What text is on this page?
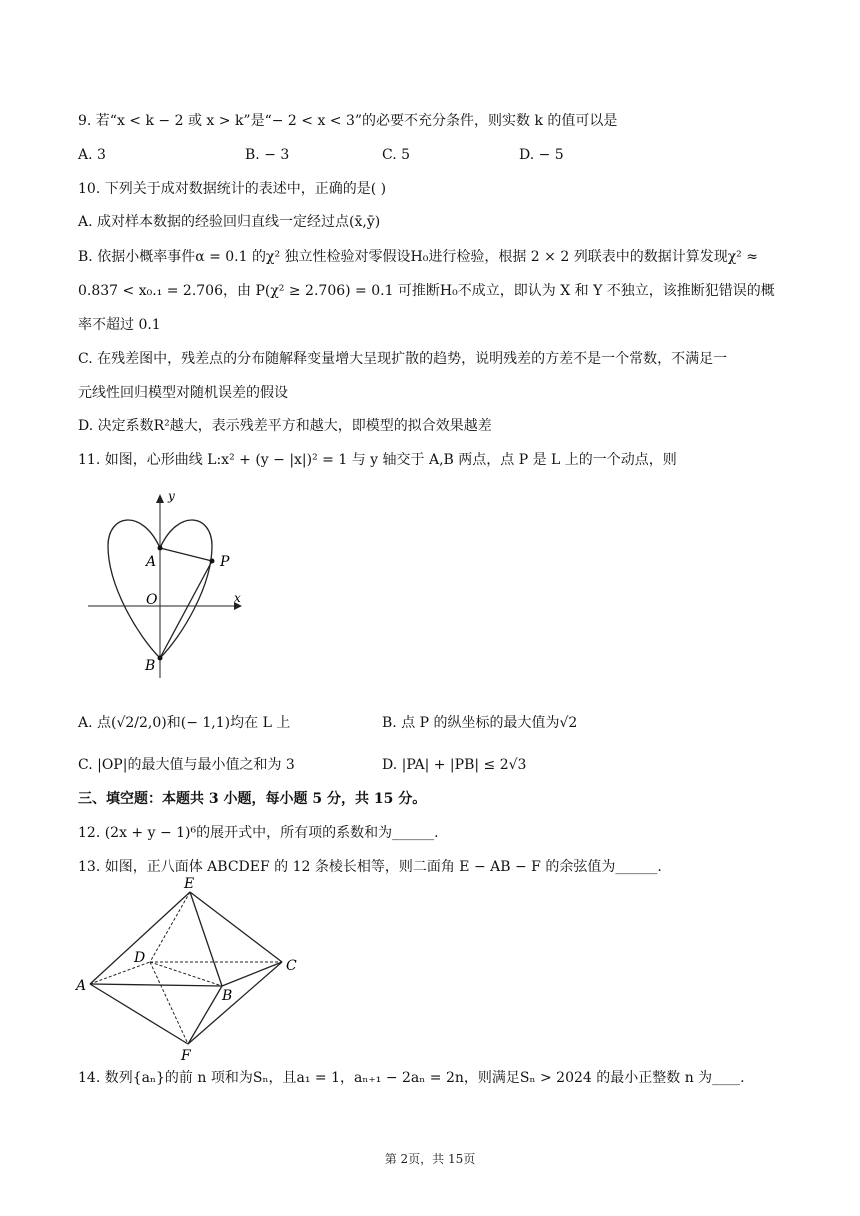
9. 若“x < k − 2 或 x > k”是“− 2 < x < 3”的必要不充分条件，则实数 k 的值可以是
A. 3	B. − 3	C. 5	D. − 5
10. 下列关于成对数据统计的表述中，正确的是( )
A. 成对样本数据的经验回归直线一定经过点(x̄,ȳ)
B. 依据小概率事件α = 0.1 的χ² 独立性检验对零假设H₀进行检验，根据 2 × 2 列联表中的数据计算发现χ² ≈
0.837 < x₀.₁ = 2.706，由 P(χ² ≥ 2.706) = 0.1 可推断H₀不成立，即认为 X 和 Y 不独立，该推断犯错误的概
率不超过 0.1
C. 在残差图中，残差点的分布随解释变量增大呈现扩散的趋势，说明残差的方差不是一个常数，不满足一
元线性回归模型对随机误差的假设
D. 决定系数R²越大，表示残差平方和越大，即模型的拟合效果越差
11. 如图，心形曲线 L:x² + (y − |x|)² = 1 与 y 轴交于 A,B 两点，点 P 是 L 上的一个动点，则
y
x
A	P
O
B
A. 点(√2/2,0)和(− 1,1)均在 L 上	B. 点 P 的纵坐标的最大值为√2
C. |OP|的最大值与最小值之和为 3	D. |PA| + |PB| ≤ 2√3
三、填空题：本题共 3 小题，每小题 5 分，共 15 分。
12. (2x + y − 1)⁶的展开式中，所有项的系数和为______.
13. 如图，正八面体 ABCDEF 的 12 条棱长相等，则二面角 E − AB − F 的余弦值为______.
E
D	C
A
B
F
14. 数列{aₙ}的前 n 项和为Sₙ，且a₁ = 1，aₙ₊₁ − 2aₙ = 2n，则满足Sₙ > 2024 的最小正整数 n 为____.
第 2页，共 15页
